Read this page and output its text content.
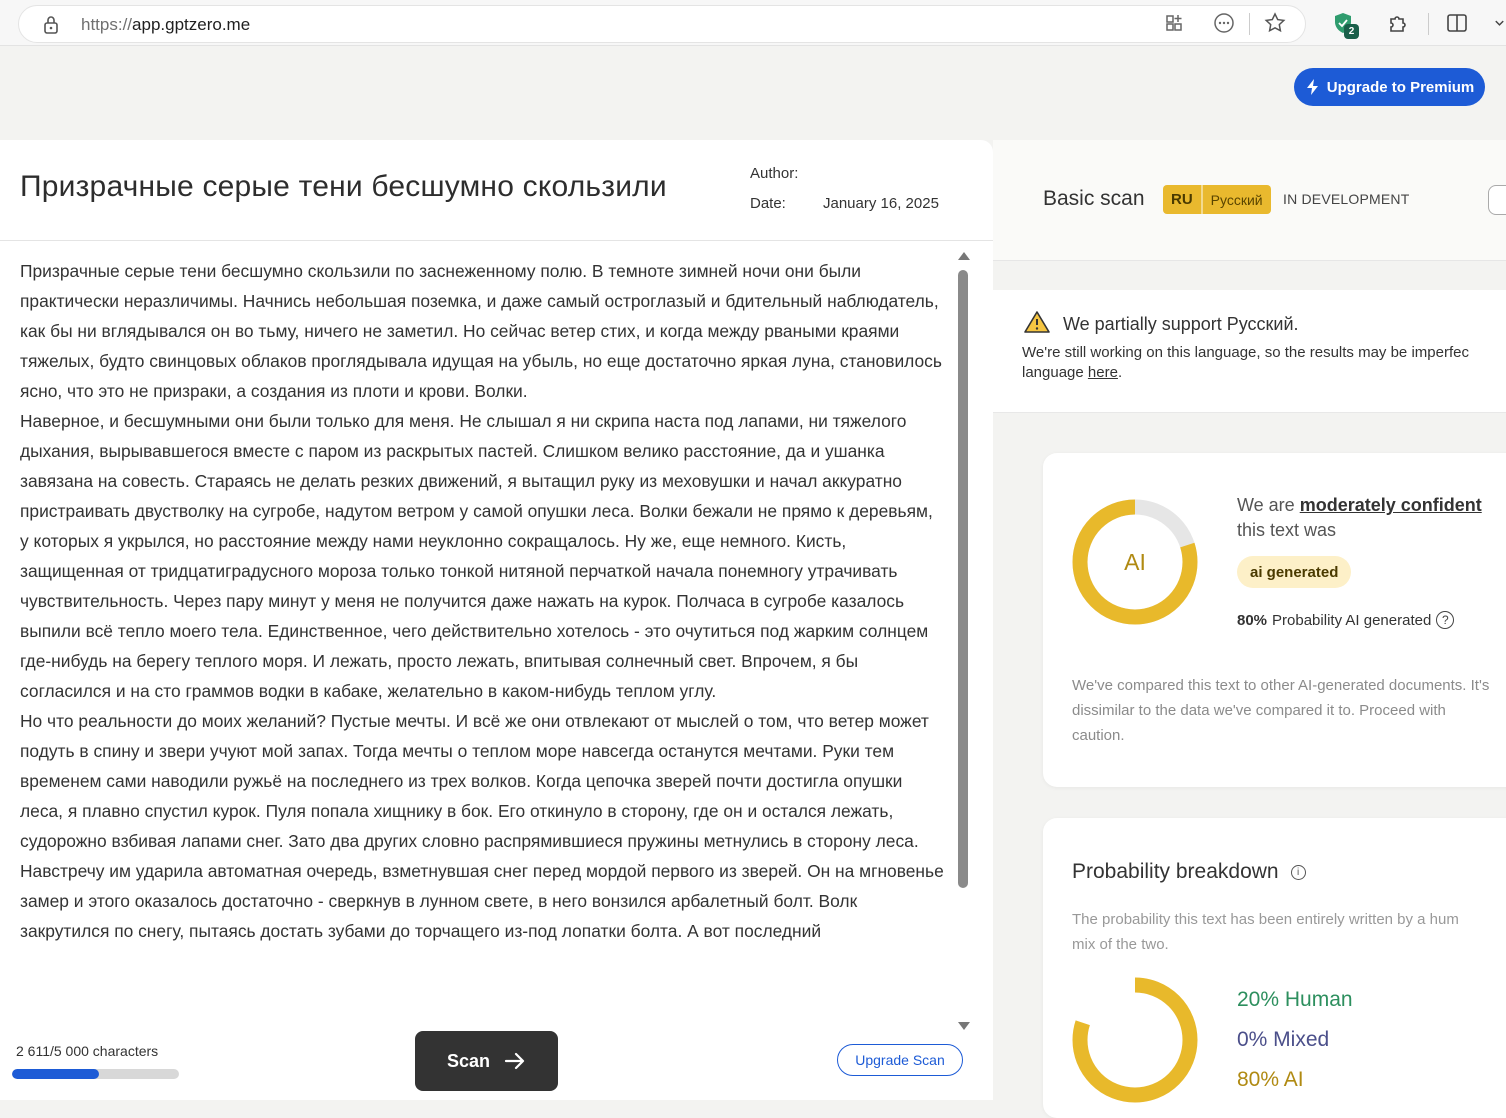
https://app.gptzero.me	2
Upgrade to Premium
Призрачные серые тени бесшумно скользили	Author:
Date: January 16, 2025

Призрачные серые тени бесшумно скользили по заснеженному полю. В темноте зимней ночи они были практически неразличимы. Начнись небольшая поземка, и даже самый остроглазый и бдительный наблюдатель, как бы ни вглядывался он во тьму, ничего не заметил. Но сейчас ветер стих, и когда между рваными краями тяжелых, будто свинцовых облаков проглядывала идущая на убыль, но еще достаточно яркая луна, становилось ясно, что это не призраки, а создания из плоти и крови. Волки.

Наверное, и бесшумными они были только для меня. Не слышал я ни скрипа наста под лапами, ни тяжелого дыхания, вырывавшегося вместе с паром из раскрытых пастей. Слишком велико расстояние, да и ушанка завязана на совесть. Стараясь не делать резких движений, я вытащил руку из меховушки и начал аккуратно пристраивать двустволку на сугробе, надутом ветром у самой опушки леса. Волки бежали не прямо к деревьям, у которых я укрылся, но расстояние между нами неуклонно сокращалось. Ну же, еще немного. Кисть, защищенная от тридцатиградусного мороза только тонкой нитяной перчаткой начала понемногу утрачивать чувствительность. Через пару минут у меня не получится даже нажать на курок. Полчаса в сугробе казалось выпили всё тепло моего тела. Единственное, чего действительно хотелось - это очутиться под жарким солнцем где-нибудь на берегу теплого моря. И лежать, просто лежать, впитывая солнечный свет. Впрочем, я бы согласился и на сто граммов водки в кабаке, желательно в каком-нибудь теплом углу.

Но что реальности до моих желаний? Пустые мечты. И всё же они отвлекают от мыслей о том, что ветер может подуть в спину и звери учуют мой запах. Тогда мечты о теплом море навсегда останутся мечтами. Руки тем временем сами наводили ружьё на последнего из трех волков. Когда цепочка зверей почти достигла опушки леса, я плавно спустил курок. Пуля попала хищнику в бок. Его откинуло в сторону, где он и остался лежать, судорожно взбивая лапами снег. Зато два других словно распрямившиеся пружины метнулись в сторону леса. Навстречу им ударила автоматная очередь, взметнувшая снег перед мордой первого из зверей. Он на мгновенье замер и этого оказалось достаточно - сверкнув в лунном свете, в него вонзился арбалетный болт. Волк закрутился по снегу, пытаясь достать зубами до торчащего из-под лопатки болта. А вот последний

2 611/5 000 characters	Scan	Upgrade Scan
Basic scan	RU	Русский	IN DEVELOPMENT
We partially support Русский.
We're still working on this language, so the results may be imperfec
language here.
AI
We are moderately confident this text was
ai generated
80% Probability AI generated ?
We've compared this text to other AI-generated documents. It's dissimilar to the data we've compared it to. Proceed with caution.
Probability breakdown	i
The probability this text has been entirely written by a hum
mix of the two.
20% Human
0% Mixed
80% AI
